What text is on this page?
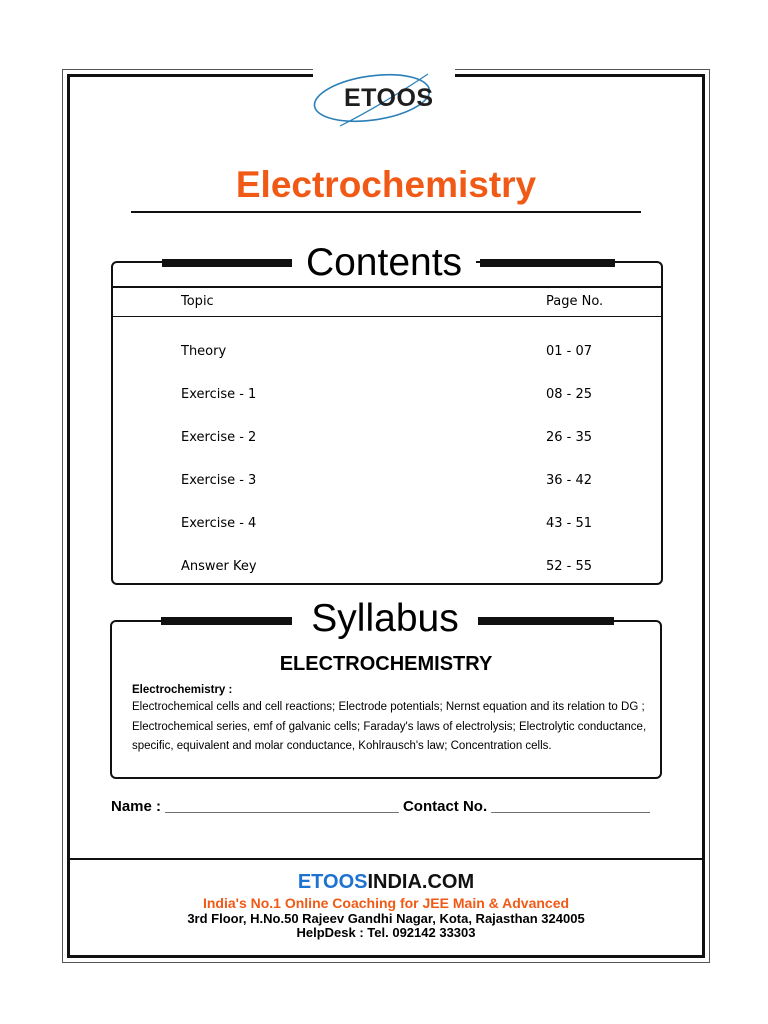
ETOOS
Electrochemistry
Contents
Topic	Page No.
Theory	01 - 07
Exercise - 1	08 - 25
Exercise - 2	26 - 35
Exercise - 3	36 - 42
Exercise - 4	43 - 51
Answer Key	52 - 55
Syllabus
ELECTROCHEMISTRY
Electrochemistry :
Electrochemical cells and cell reactions; Electrode potentials; Nernst equation and its relation to DG ; Electrochemical series, emf of galvanic cells; Faraday's laws of electrolysis; Electrolytic conductance, specific, equivalent and molar conductance, Kohlrausch's law; Concentration cells.
Name : ____________________________ Contact No. ___________________
ETOOSINDIA.COM
India's No.1 Online Coaching for JEE Main & Advanced
3rd Floor, H.No.50 Rajeev Gandhi Nagar, Kota, Rajasthan 324005
HelpDesk : Tel. 092142 33303
